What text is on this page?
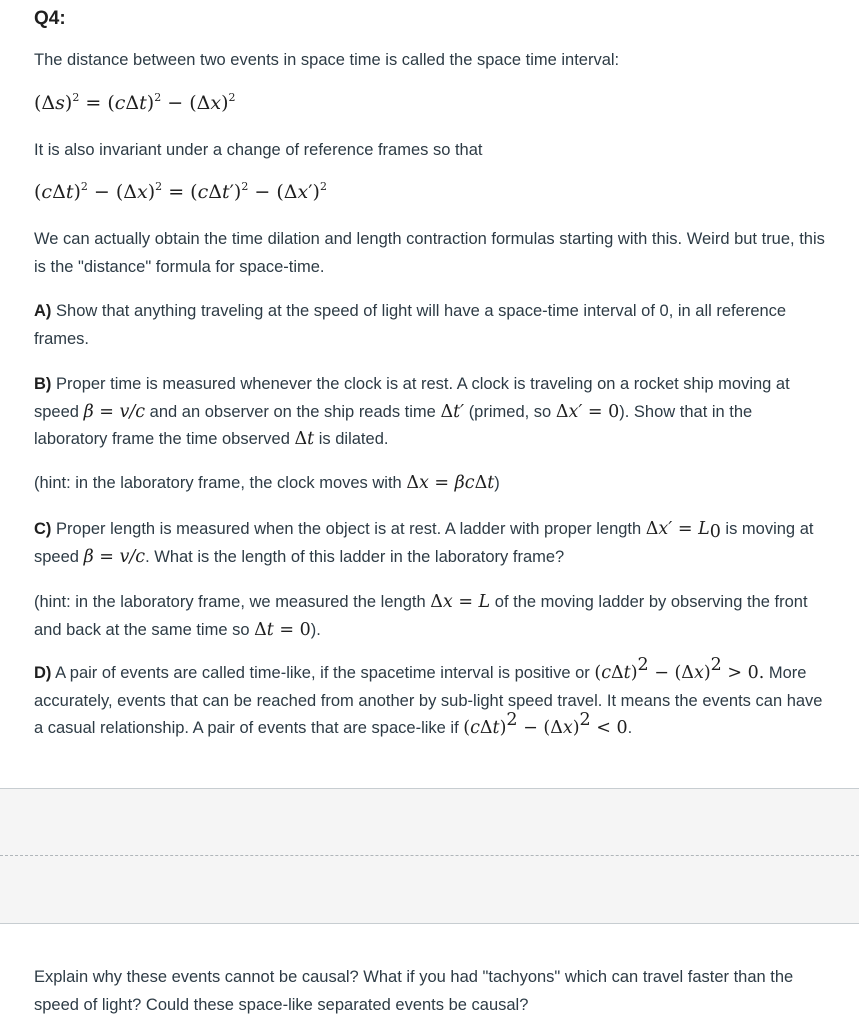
Q4:
The distance between two events in space time is called the space time interval:
$(\Delta s)^2 = (c\Delta t)^2 - (\Delta x)^2$
It is also invariant under a change of reference frames so that
$(c\Delta t)^2 - (\Delta x)^2 = (c\Delta t')^2 - (\Delta x')^2$
We can actually obtain the time dilation and length contraction formulas starting with this. Weird but true, this is the "distance" formula for space-time.
A) Show that anything traveling at the speed of light will have a space-time interval of 0, in all reference frames.
B) Proper time is measured whenever the clock is at rest. A clock is traveling on a rocket ship moving at speed β = v/c and an observer on the ship reads time Δt′ (primed, so Δx′ = 0). Show that in the laboratory frame the time observed Δt is dilated.
(hint: in the laboratory frame, the clock moves with Δx = βcΔt)
C) Proper length is measured when the object is at rest. A ladder with proper length $\Delta x' = L_0$ is moving at speed β = v/c. What is the length of this ladder in the laboratory frame?
(hint: in the laboratory frame, we measured the length Δx = L of the moving ladder by observing the front and back at the same time so Δt = 0).
D) A pair of events are called time-like, if the spacetime interval is positive or $(c\Delta t)^2 - (\Delta x)^2 > 0$. More accurately, events that can be reached from another by sub-light speed travel. It means the events can have a casual relationship. A pair of events that are space-like if $(c\Delta t)^2 - (\Delta x)^2 < 0$.
Explain why these events cannot be causal? What if you had "tachyons" which can travel faster than the speed of light? Could these space-like separated events be causal?
